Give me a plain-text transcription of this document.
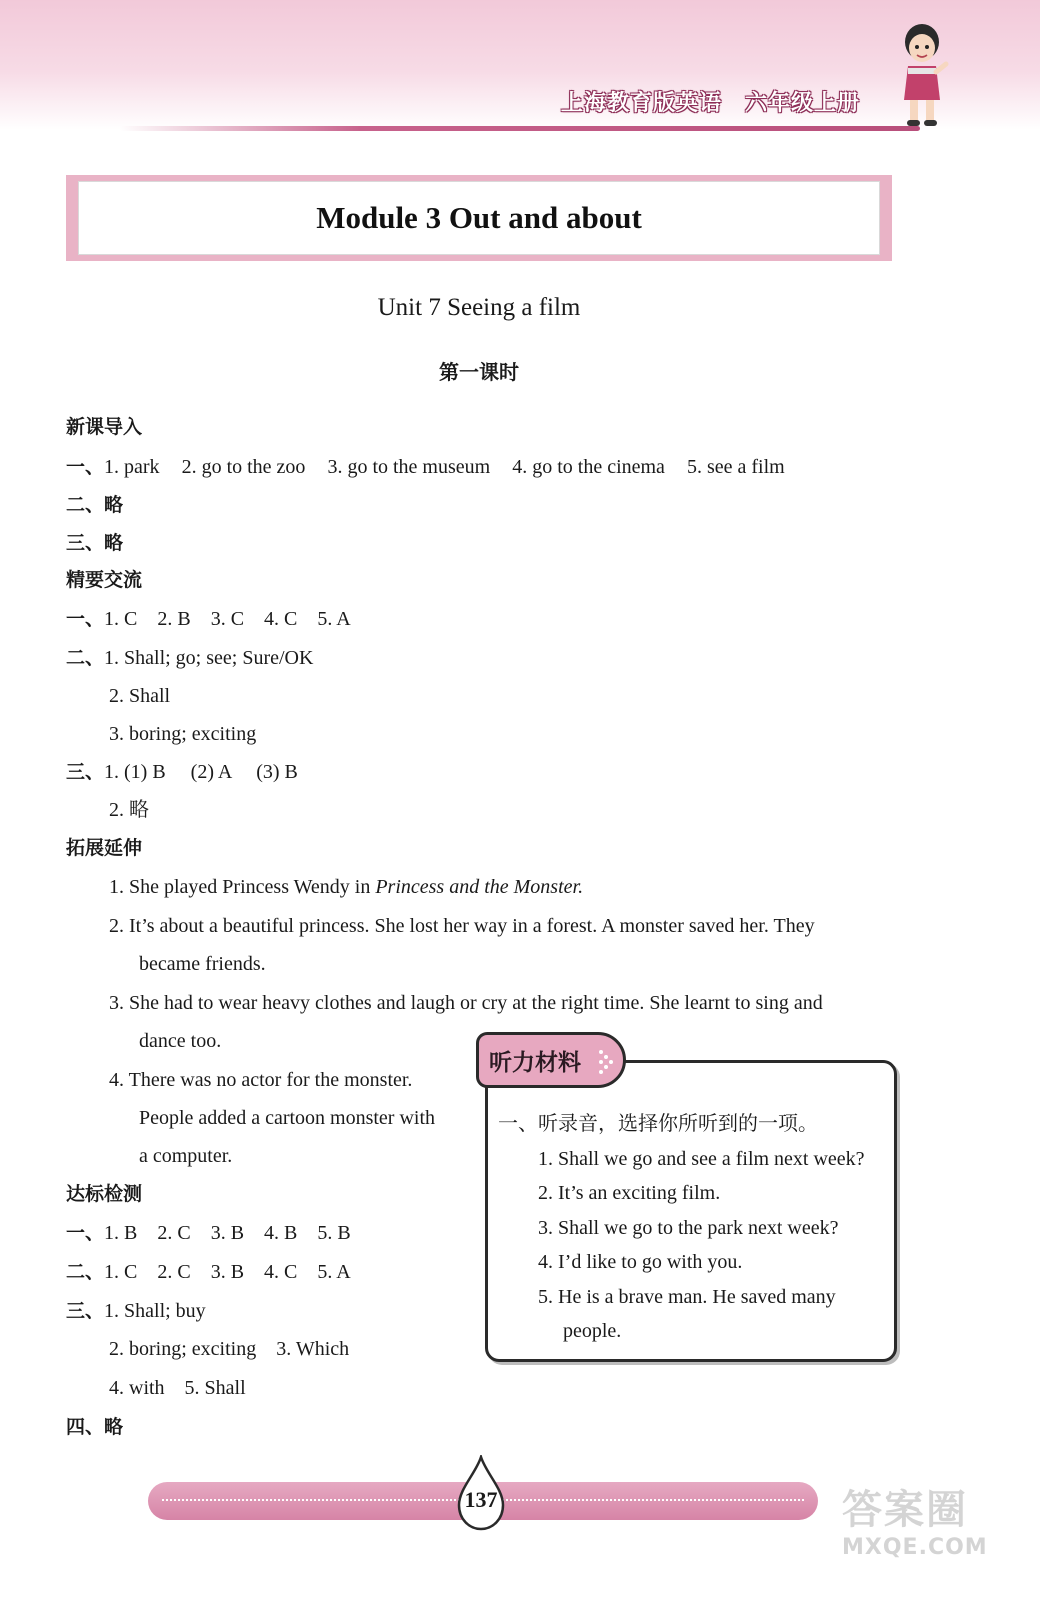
上海教育版英语　六年级上册
Module 3 Out and about
Unit 7 Seeing a film
第一课时
新课导入
一、1. park 2. go to the zoo 3. go to the museum 4. go to the cinema 5. see a film
二、略
三、略
精要交流
一、1. C　2. B　3. C　4. C　5. A
二、1. Shall; go; see; Sure/OK
2. Shall
3. boring; exciting
三、1. (1) B　 (2) A　 (3) B
2. 略
拓展延伸
1. She played Princess Wendy in Princess and the Monster.
2. It’s about a beautiful princess. She lost her way in a forest. A monster saved her. They
became friends.
3. She had to wear heavy clothes and laugh or cry at the right time. She learnt to sing and
dance too.
4. There was no actor for the monster.
People added a cartoon monster with
a computer.
达标检测
一、1. B　2. C　3. B　4. B　5. B
二、1. C　2. C　3. B　4. C　5. A
三、1. Shall; buy
2. boring; exciting　3. Which
4. with　5. Shall
四、略
听力材料
一、听录音，选择你所听到的一项。
1. Shall we go and see a film next week?
2. It’s an exciting film.
3. Shall we go to the park next week?
4. I’d like to go with you.
5. He is a brave man. He saved many
people.
137	答案圈
MXQE.COM
